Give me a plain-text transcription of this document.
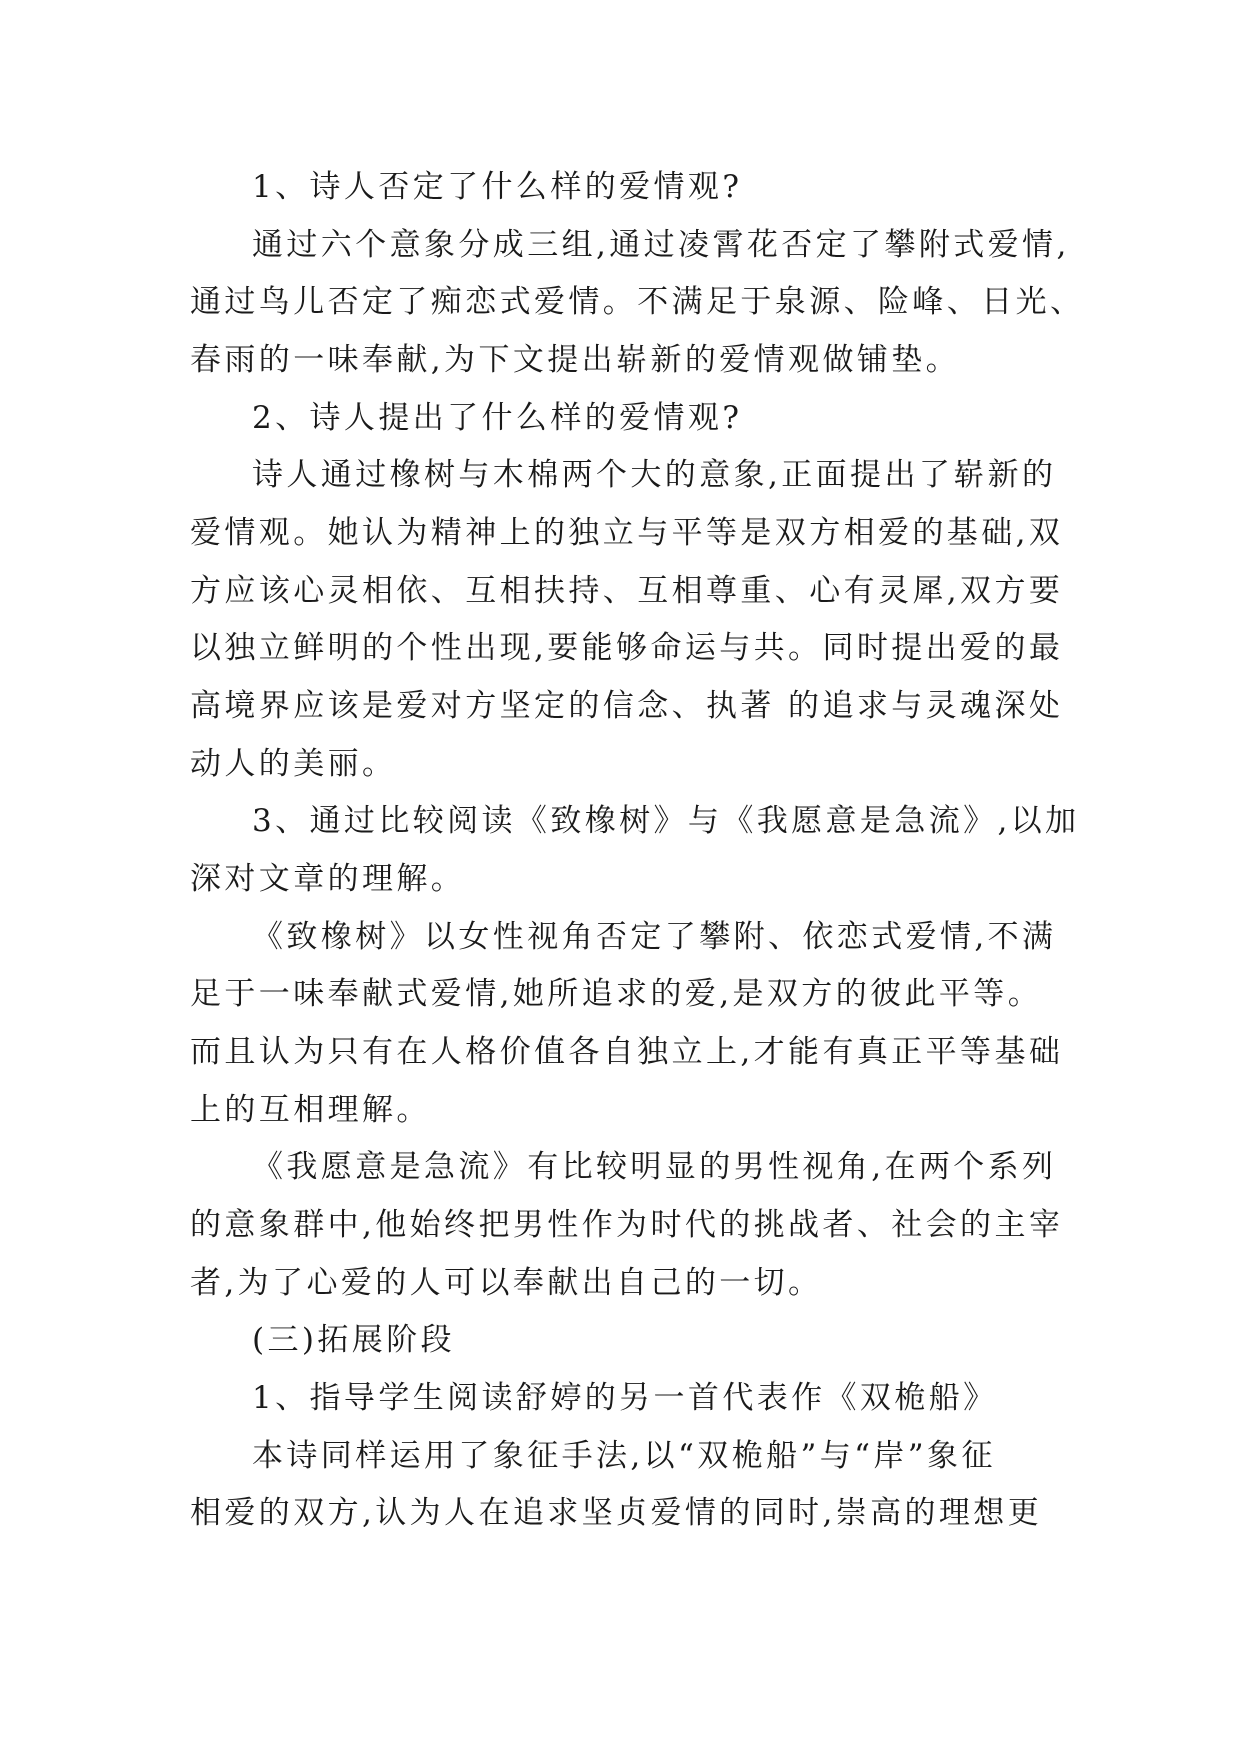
1、诗人否定了什么样的爱情观?
通过六个意象分成三组,通过凌霄花否定了攀附式爱情,
通过鸟儿否定了痴恋式爱情。不满足于泉源、险峰、日光、
春雨的一味奉献,为下文提出崭新的爱情观做铺垫。
2、诗人提出了什么样的爱情观?
诗人通过橡树与木棉两个大的意象,正面提出了崭新的
爱情观。她认为精神上的独立与平等是双方相爱的基础,双
方应该心灵相依、互相扶持、互相尊重、心有灵犀,双方要
以独立鲜明的个性出现,要能够命运与共。同时提出爱的最
高境界应该是爱对方坚定的信念、执著 的追求与灵魂深处
动人的美丽。
3、通过比较阅读《致橡树》与《我愿意是急流》,以加
深对文章的理解。
《致橡树》以女性视角否定了攀附、依恋式爱情,不满
足于一味奉献式爱情,她所追求的爱,是双方的彼此平等。
而且认为只有在人格价值各自独立上,才能有真正平等基础
上的互相理解。
《我愿意是急流》有比较明显的男性视角,在两个系列
的意象群中,他始终把男性作为时代的挑战者、社会的主宰
者,为了心爱的人可以奉献出自己的一切。
(三)拓展阶段
1、指导学生阅读舒婷的另一首代表作《双桅船》
本诗同样运用了象征手法,以“双桅船”与“岸”象征
相爱的双方,认为人在追求坚贞爱情的同时,崇高的理想更
